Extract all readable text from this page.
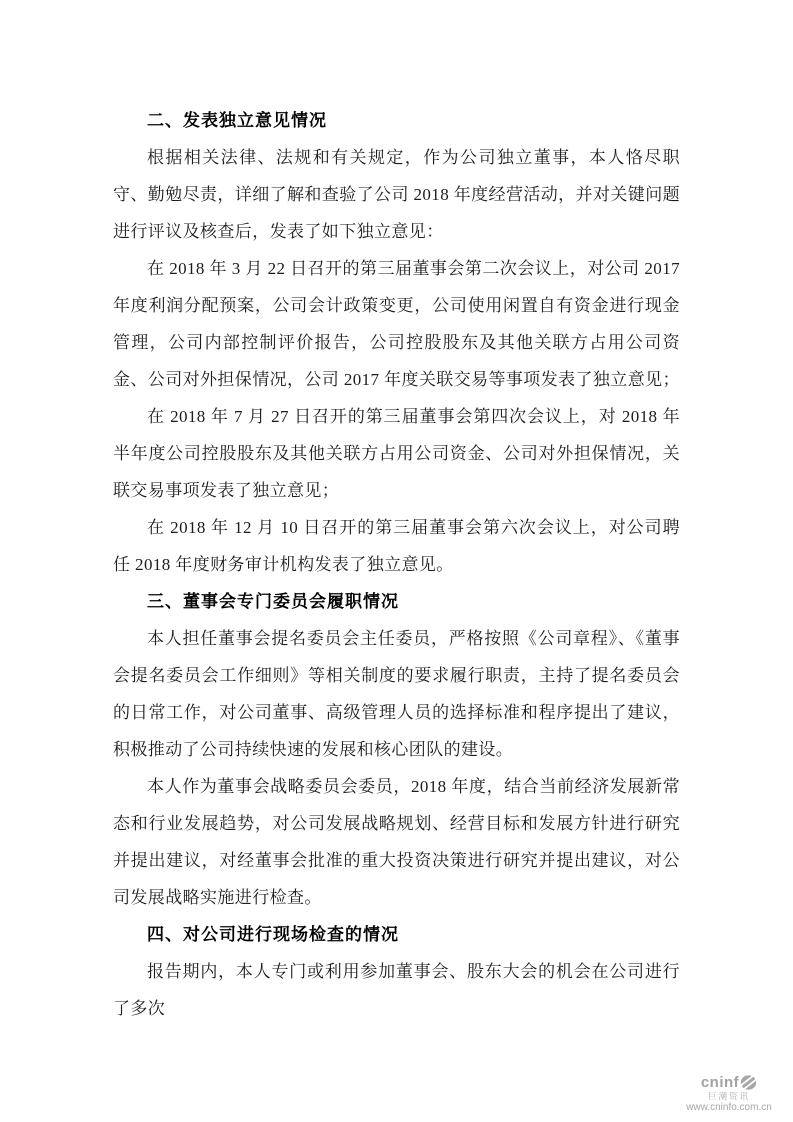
二、发表独立意见情况

根据相关法律、法规和有关规定，作为公司独立董事，本人恪尽职守、勤勉尽责，详细了解和查验了公司 2018 年度经营活动，并对关键问题进行评议及核查后，发表了如下独立意见：

在 2018 年 3 月 22 日召开的第三届董事会第二次会议上，对公司 2017 年度利润分配预案，公司会计政策变更，公司使用闲置自有资金进行现金管理，公司内部控制评价报告，公司控股股东及其他关联方占用公司资金、公司对外担保情况，公司 2017 年度关联交易等事项发表了独立意见；

在 2018 年 7 月 27 日召开的第三届董事会第四次会议上，对 2018 年半年度公司控股股东及其他关联方占用公司资金、公司对外担保情况，关联交易事项发表了独立意见；

在 2018 年 12 月 10 日召开的第三届董事会第六次会议上，对公司聘任 2018 年度财务审计机构发表了独立意见。

三、董事会专门委员会履职情况

本人担任董事会提名委员会主任委员，严格按照《公司章程》、《董事会提名委员会工作细则》等相关制度的要求履行职责，主持了提名委员会的日常工作，对公司董事、高级管理人员的选择标准和程序提出了建议，积极推动了公司持续快速的发展和核心团队的建设。

本人作为董事会战略委员会委员，2018 年度，结合当前经济发展新常态和行业发展趋势，对公司发展战略规划、经营目标和发展方针进行研究并提出建议，对经董事会批准的重大投资决策进行研究并提出建议，对公司发展战略实施进行检查。

四、对公司进行现场检查的情况

报告期内，本人专门或利用参加董事会、股东大会的机会在公司进行了多次

cninf
巨潮资讯
www.cninfo.com.cn
